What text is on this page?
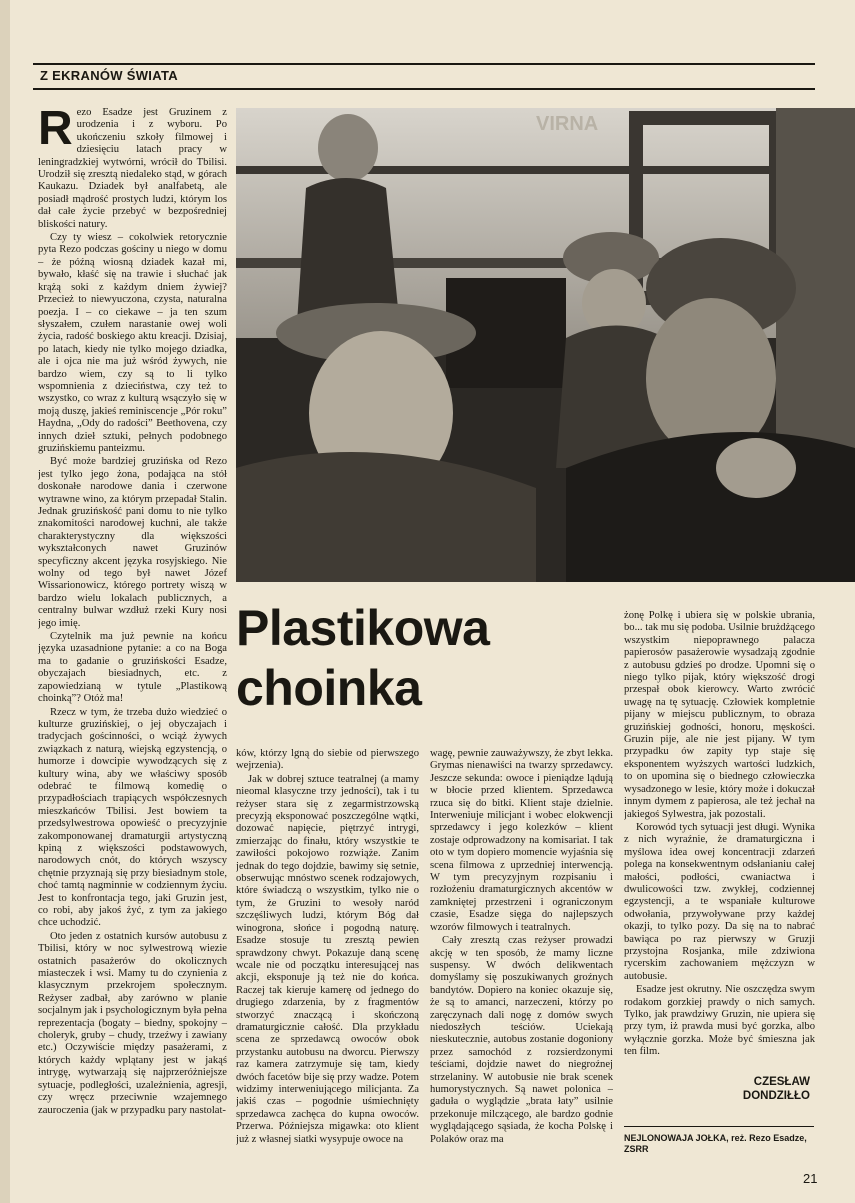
Z EKRANÓW ŚWIATA

Rezo Esadze jest Gruzinem z urodzenia i z wyboru. Po ukończeniu szkoły filmowej i dziesięciu latach pracy w leningradzkiej wytwórni, wrócił do Tbilisi. Urodził się zresztą niedaleko stąd, w górach Kaukazu. Dziadek był analfabetą, ale posiadł mądrość prostych ludzi, którym los dał całe życie przebyć w bezpośredniej bliskości natury.

Czy ty wiesz – cokolwiek retorycznie pyta Rezo podczas gościny u niego w domu – że późną wiosną dziadek kazał mi, bywało, kłaść się na trawie i słuchać jak krążą soki z każdym dniem żywiej? Przecież to niewyuczona, czysta, naturalna poezja. I – co ciekawe – ja ten szum słyszałem, czułem narastanie owej woli życia, radość boskiego aktu kreacji. Dzisiaj, po latach, kiedy nie tylko mojego dziadka, ale i ojca nie ma już wśród żywych, nie bardzo wiem, czy są to li tylko wspomnienia z dzieciństwa, czy też to wszystko, co wraz z kulturą wsączyło się w moją duszę, jakieś reminiscencje „Pór roku” Haydna, „Ody do radości” Beethovena, czy innych dzieł sztuki, pełnych podobnego gruzińskiemu panteizmu.

Być może bardziej gruzińska od Rezo jest tylko jego żona, podająca na stół doskonałe narodowe dania i czerwone wytrawne wino, za którym przepadał Stalin. Jednak gruzińskość pani domu to nie tylko znakomitości narodowej kuchni, ale także charakterystyczny dla większości wykształconych nawet Gruzinów specyficzny akcent języka rosyjskiego. Nie wolny od tego był nawet Józef Wissarionowicz, którego portrety wiszą w bardzo wielu lokalach publicznych, a centralny bulwar wzdłuż rzeki Kury nosi jego imię.

Czytelnik ma już pewnie na końcu języka uzasadnione pytanie: a co na Boga ma to gadanie o gruzińskości Esadze, obyczajach biesiadnych, etc. z zapowiedzianą w tytule „Plastikową choinką”? Otóż ma!

Rzecz w tym, że trzeba dużo wiedzieć o kulturze gruzińskiej, o jej obyczajach i tradycjach gościnności, o wciąż żywych związkach z naturą, wiejską egzystencją, o humorze i dowcipie wywodzących się z kultury wina, aby we właściwy sposób odebrać te filmową komedię o przypadłościach trapiących współczesnych mieszkańców Tbilisi. Jest bowiem ta przedsylwestrowa opowieść o precyzyjnie zakomponowanej dramaturgii artystyczną kpiną z większości podstawowych, narodowych cnót, do których wszyscy chętnie przyznają się przy biesiadnym stole, choć tamtą nagminnie w codziennym życiu. Jest to konfrontacja tego, jaki Gruzin jest, co robi, aby jakoś żyć, z tym za jakiego chce uchodzić.

Oto jeden z ostatnich kursów autobusu z Tbilisi, który w noc sylwestrową wiezie ostatnich pasażerów do okolicznych miasteczek i wsi. Mamy tu do czynienia z klasycznym przekrojem społecznym. Reżyser zadbał, aby zarówno w planie socjalnym jak i psychologicznym była pełna reprezentacja (bogaty – biedny, spokojny – choleryk, gruby – chudy, trzeźwy i zawiany etc.) Oczywiście między pasażerami, z których każdy wplątany jest w jakąś intrygę, wytwarzają się najprzeróżniejsze sytuacje, podległości, uzależnienia, agresji, czy wręcz przeciwnie wzajemnego zauroczenia (jak w przypadku pary nastolat-

VIRNA
Plastikowa
choinka

ków, którzy lgną do siebie od pierwszego wejrzenia).

Jak w dobrej sztuce teatralnej (a mamy nieomal klasyczne trzy jedności), tak i tu reżyser stara się z zegarmistrzowską precyzją eksponować poszczególne wątki, dozować napięcie, piętrzyć intrygi, zmierzając do finału, który wszystkie te zawiłości pokojowo rozwiąże. Zanim jednak do tego dojdzie, bawimy się setnie, obserwując mnóstwo scenek rodzajowych, które świadczą o wszystkim, tylko nie o tym, że Gruzini to wesoły naród szczęśliwych ludzi, którym Bóg dał winogrona, słońce i pogodną naturę. Esadze stosuje tu zresztą pewien sprawdzony chwyt. Pokazuje daną scenę wcale nie od początku interesującej nas akcji, eksponuje ją też nie do końca. Raczej tak kieruje kamerę od jednego do drugiego zdarzenia, by z fragmentów stworzyć znaczącą i skończoną dramaturgicznie całość. Dla przykładu scena ze sprzedawcą owoców obok przystanku autobusu na dworcu. Pierwszy raz kamera zatrzymuje się tam, kiedy dwóch facetów bije się przy wadze. Potem widzimy interweniującego milicjanta. Za jakiś czas – pogodnie uśmiechnięty sprzedawca zachęca do kupna owoców. Przerwa. Późniejsza migawka: oto klient już z własnej siatki wysypuje owoce na

wagę, pewnie zauważywszy, że zbyt lekka. Grymas nienawiści na twarzy sprzedawcy. Jeszcze sekunda: owoce i pieniądze lądują w błocie przed klientem. Sprzedawca rzuca się do bitki. Klient staje dzielnie. Interweniuje milicjant i wobec elokwencji sprzedawcy i jego kolezków – klient zostaje odprowadzony na komisariat. I tak oto w tym dopiero momencie wyjaśnia się scena filmowa z uprzedniej interwencją. W tym precyzyjnym rozpisaniu i rozłożeniu dramaturgicznych akcentów w zamkniętej przestrzeni i ograniczonym czasie, Esadze sięga do najlepszych wzorów filmowych i teatralnych.

Cały zresztą czas reżyser prowadzi akcję w ten sposób, że mamy liczne suspensy. W dwóch delikwentach domyślamy się poszukiwanych groźnych bandytów. Dopiero na koniec okazuje się, że są to amanci, narzeczeni, którzy po zaręczynach dali nogę z domów swych niedoszłych teściów. Uciekają nieskutecznie, autobus zostanie dogoniony przez samochód z rozsierdzonymi teściami, dojdzie nawet do niegroźnej strzelaniny. W autobusie nie brak scenek humorystycznych. Są nawet polonica – gaduła o wyglądzie „brata łaty” usilnie przekonuje milczącego, ale bardzo godnie wyglądającego sąsiada, że kocha Polskę i Polaków oraz ma

żonę Polkę i ubiera się w polskie ubrania, bo... tak mu się podoba. Usilnie brużdżącego wszystkim niepoprawnego palacza papierosów pasażerowie wysadzają zgodnie z autobusu gdzieś po drodze. Upomni się o niego tylko pijak, który większość drogi przespał obok kierowcy. Warto zwrócić uwagę na tę sytuację. Człowiek kompletnie pijany w miejscu publicznym, to obraza gruzińskiej godności, honoru, męskości. Gruzin pije, ale nie jest pijany. W tym przypadku ów zapity typ staje się eksponentem wyższych wartości ludzkich, to on upomina się o biednego człowieczka wysadzonego w lesie, który może i dokuczał innym dymem z papierosa, ale też jechał na jakiegoś Sylwestra, jak pozostali.

Korowód tych sytuacji jest długi. Wynika z nich wyraźnie, że dramaturgiczna i myślowa idea owej koncentracji zdarzeń polega na konsekwentnym odsłanianiu całej małości, podłości, cwaniactwa i dwulicowości tzw. zwykłej, codziennej egzystencji, a te wspaniałe kulturowe odwołania, przywoływane przy każdej okazji, to tylko pozy. Da się na to nabrać bawiąca po raz pierwszy w Gruzji przystojna Rosjanka, mile zdziwiona rycerskim zachowaniem mężczyzn w autobusie.

Esadze jest okrutny. Nie oszczędza swym rodakom gorzkiej prawdy o nich samych. Tylko, jak prawdziwy Gruzin, nie upiera się przy tym, iż prawda musi być gorzka, albo wyłącznie gorzka. Może być śmieszna jak ten film.

CZESŁAW
DONDZIŁŁO
NEJLONOWAJA JOŁKA, reż. Rezo Esadze, ZSRR
21
